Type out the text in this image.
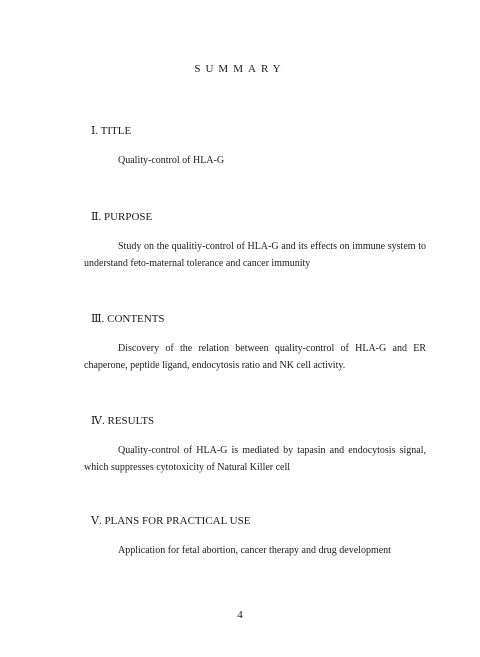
SUMMARY
Ⅰ. TITLE
Quality-control of HLA-G
Ⅱ. PURPOSE
Study on the qualitiy-control of HLA-G and its effects on immune system to understand feto-maternal tolerance and cancer immunity
Ⅲ. CONTENTS
Discovery of the relation between quality-control of HLA-G and ER chaperone, peptide ligand, endocytosis ratio and NK cell activity.
Ⅳ. RESULTS
Quality-control of HLA-G is mediated by tapasin and endocytosis signal, which suppresses cytotoxicity of Natural Killer cell
Ⅴ. PLANS FOR PRACTICAL USE
Application for fetal abortion, cancer therapy and drug development
4
